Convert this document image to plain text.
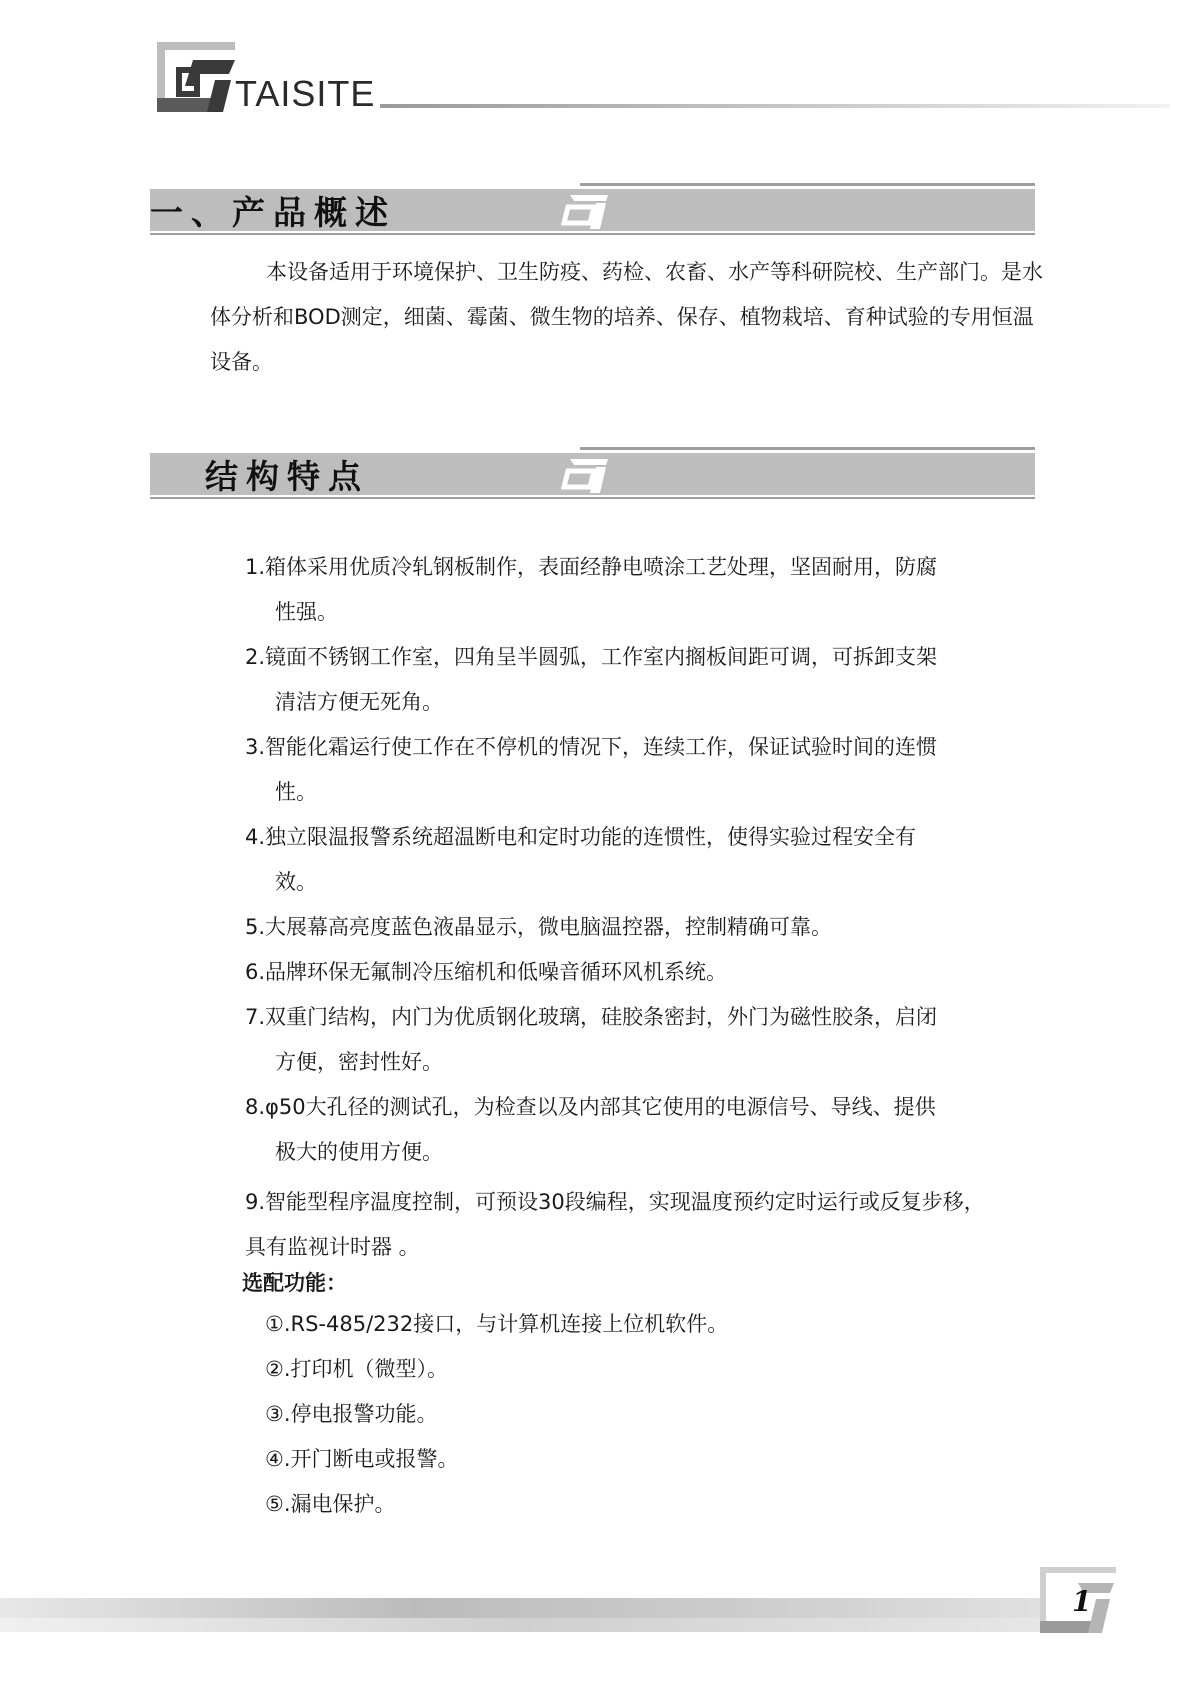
TAISITE
一、产品概述

本设备适用于环境保护、卫生防疫、药检、农畜、水产等科研院校、生产部门。是水体分析和BOD测定，细菌、霉菌、微生物的培养、保存、植物栽培、育种试验的专用恒温设备。

结构特点
1.箱体采用优质冷轧钢板制作，表面经静电喷涂工艺处理，坚固耐用，防腐
性强。
2.镜面不锈钢工作室，四角呈半圆弧，工作室内搁板间距可调，可拆卸支架
清洁方便无死角。
3.智能化霜运行使工作在不停机的情况下，连续工作，保证试验时间的连惯
性。
4.独立限温报警系统超温断电和定时功能的连惯性，使得实验过程安全有
效。
5.大展幕高亮度蓝色液晶显示，微电脑温控器，控制精确可靠。
6.品牌环保无氟制冷压缩机和低噪音循环风机系统。
7.双重门结构，内门为优质钢化玻璃，硅胶条密封，外门为磁性胶条，启闭
方便，密封性好。
8.φ50大孔径的测试孔，为检查以及内部其它使用的电源信号、导线、提供
极大的使用方便。
9.智能型程序温度控制，可预设30段编程，实现温度预约定时运行或反复步移，
具有监视计时器 。
选配功能：
①.RS-485/232接口，与计算机连接上位机软件。
②.打印机（微型）。
③.停电报警功能。
④.开门断电或报警。
⑤.漏电保护。
1
